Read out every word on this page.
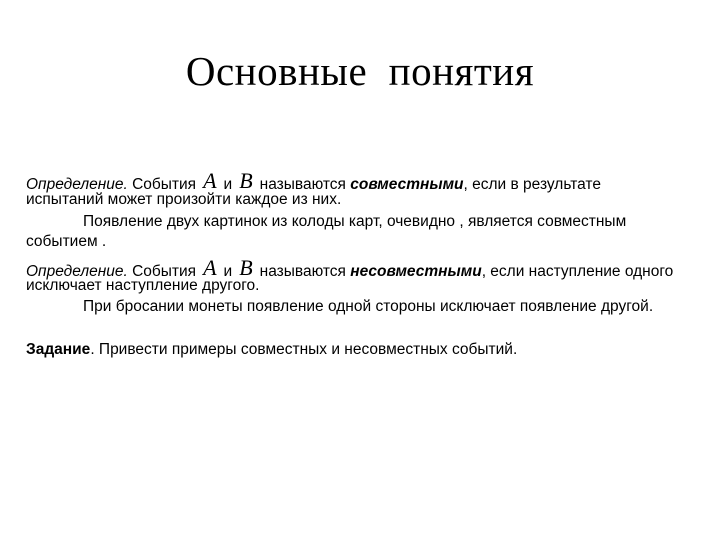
Основные  понятия
Определение. События A и B называются совместными, если в результате
испытаний может произойти каждое из них.
Появление двух картинок из колоды карт, очевидно , является совместным
событием .
Определение. События A и B называются несовместными, если наступление одного
исключает наступление другого.
При бросании монеты появление одной стороны исключает появление другой.
Задание. Привести примеры совместных и несовместных событий.
